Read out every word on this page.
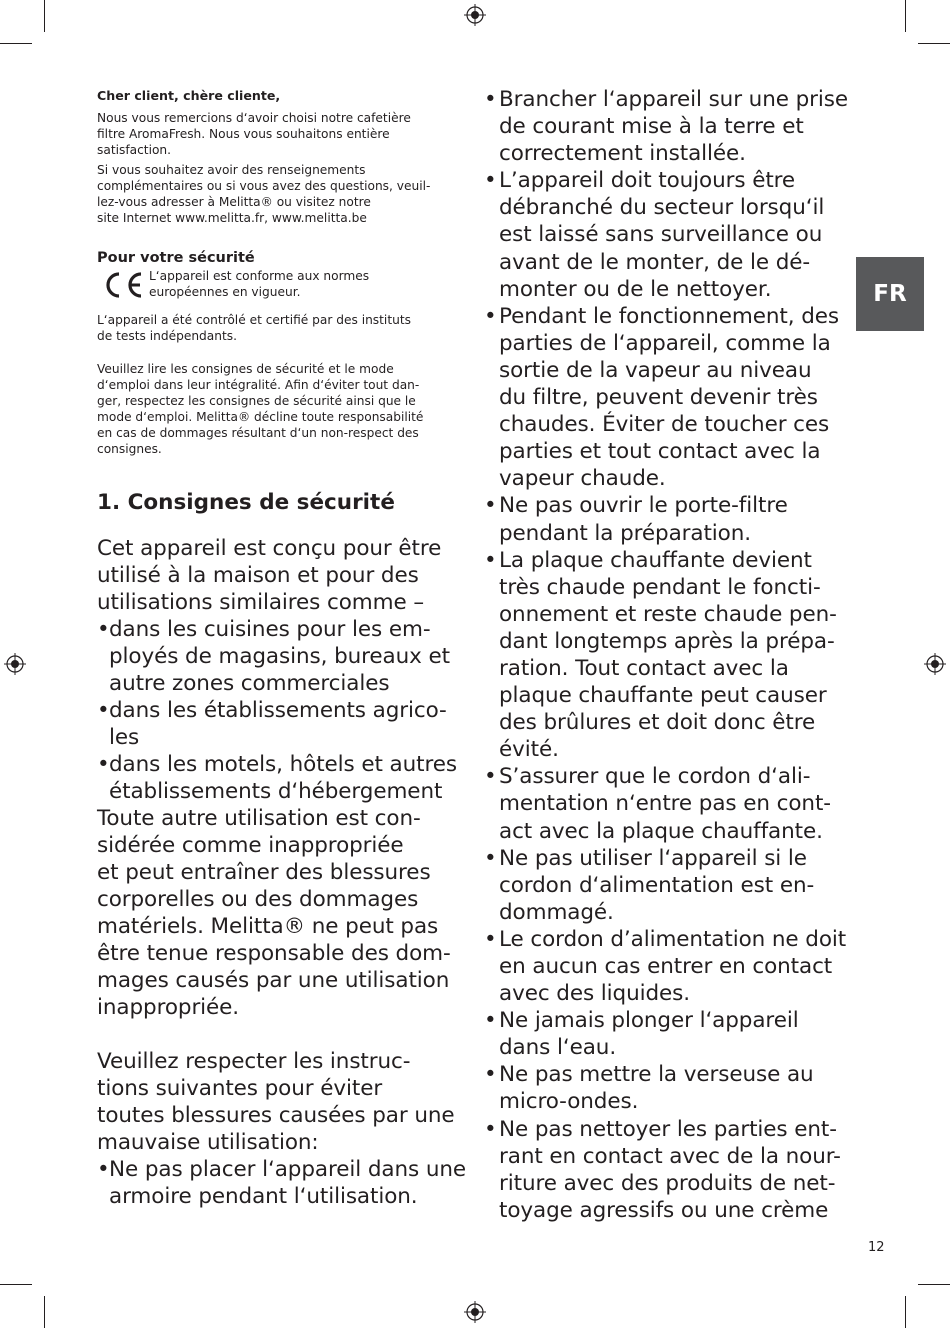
Cher client, chère cliente,
Nous vous remercions d‘avoir choisi notre cafetière
filtre AromaFresh. Nous vous souhaitons entière
satisfaction.
Si vous souhaitez avoir des renseignements
complémentaires ou si vous avez des questions, veuil-
lez-vous adresser à Melitta® ou visitez notre
site Internet www.melitta.fr, www.melitta.be
Pour votre sécurité
L‘appareil est conforme aux normes
européennes en vigueur.
L‘appareil a été contrôlé et certifié par des instituts
de tests indépendants.
Veuillez lire les consignes de sécurité et le mode
d‘emploi dans leur intégralité. Afin d‘éviter tout dan-
ger, respectez les consignes de sécurité ainsi que le
mode d‘emploi. Melitta® décline toute responsabilité
en cas de dommages résultant d‘un non-respect des
consignes.
1. Consignes de sécurité
Cet appareil est conçu pour être
utilisé à la maison et pour des
utilisations similaires comme –
• dans les cuisines pour les em-
ployés de magasins, bureaux et
autre zones commerciales
• dans les établissements agrico-
les
• dans les motels, hôtels et autres
établissements d‘hébergement
Toute autre utilisation est con-
sidérée comme inappropriée
et peut entraîner des blessures
corporelles ou des dommages
matériels. Melitta® ne peut pas
être tenue responsable des dom-
mages causés par une utilisation
inappropriée.
Veuillez respecter les instruc-
tions suivantes pour éviter
toutes blessures causées par une
mauvaise utilisation:
• Ne pas placer l‘appareil dans une
armoire pendant l‘utilisation.
• Brancher l‘appareil sur une prise
de courant mise à la terre et
correctement installée.
• L’appareil doit toujours être
débranché du secteur lorsqu‘il
est laissé sans surveillance ou
avant de le monter, de le dé-
monter ou de le nettoyer.
• Pendant le fonctionnement, des
parties de l‘appareil, comme la
sortie de la vapeur au niveau
du filtre, peuvent devenir très
chaudes. Éviter de toucher ces
parties et tout contact avec la
vapeur chaude.
• Ne pas ouvrir le porte-filtre
pendant la préparation.
• La plaque chauffante devient
très chaude pendant le foncti-
onnement et reste chaude pen-
dant longtemps après la prépa-
ration. Tout contact avec la
plaque chauffante peut causer
des brûlures et doit donc être
évité.
• S’assurer que le cordon d‘ali-
mentation n‘entre pas en cont-
act avec la plaque chauffante.
• Ne pas utiliser l‘appareil si le
cordon d‘alimentation est en-
dommagé.
• Le cordon d’alimentation ne doit
en aucun cas entrer en contact
avec des liquides.
• Ne jamais plonger l‘appareil
dans l‘eau.
• Ne pas mettre la verseuse au
micro-ondes.
• Ne pas nettoyer les parties ent-
rant en contact avec de la nour-
riture avec des produits de net-
toyage agressifs ou une crème
FR
12
